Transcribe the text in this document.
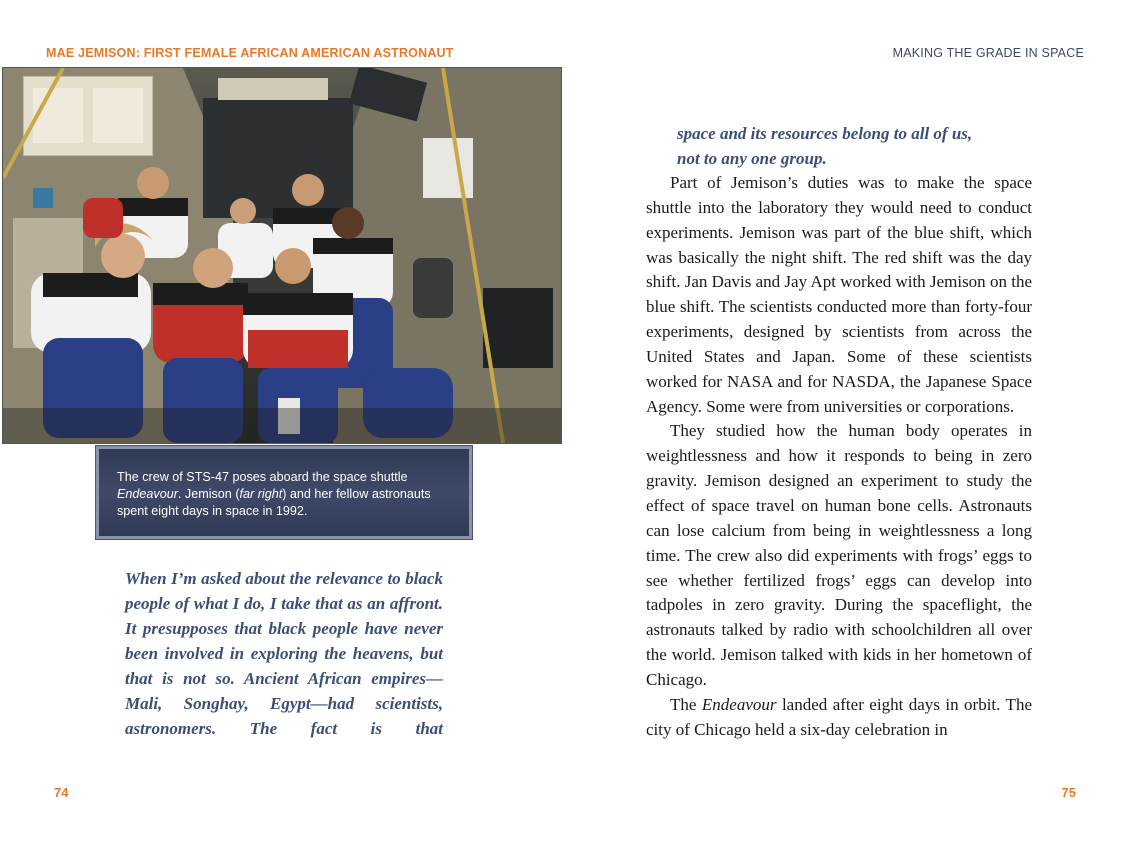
MAE JEMISON: FIRST FEMALE AFRICAN AMERICAN ASTRONAUT	MAKING THE GRADE IN SPACE
The crew of STS-47 poses aboard the space shuttle Endeavour. Jemison (far right) and her fellow astronauts spent eight days in space in 1992.
When I’m asked about the relevance to black people of what I do, I take that as an affront. It presupposes that black people have never been involved in exploring the heavens, but that is not so. Ancient African empires—Mali, Songhay, Egypt—had scientists, astronomers. The fact is that
space and its resources belong to all of us,
not to any one group.

Part of Jemison’s duties was to make the space shuttle into the laboratory they would need to conduct experiments. Jemison was part of the blue shift, which was basically the night shift. The red shift was the day shift. Jan Davis and Jay Apt worked with Jemison on the blue shift. The scientists conducted more than forty-four experiments, designed by scientists from across the United States and Japan. Some of these scientists worked for NASA and for NASDA, the Japanese Space Agency. Some were from universities or corporations.

They studied how the human body operates in weightlessness and how it responds to being in zero gravity. Jemison designed an experiment to study the effect of space travel on human bone cells. Astronauts can lose calcium from being in weightlessness a long time. The crew also did experiments with frogs’ eggs to see whether fertilized frogs’ eggs can develop into tadpoles in zero gravity. During the spaceflight, the astronauts talked by radio with schoolchildren all over the world. Jemison talked with kids in her hometown of Chicago.

The Endeavour landed after eight days in orbit. The city of Chicago held a six-day celebration in

74	75
